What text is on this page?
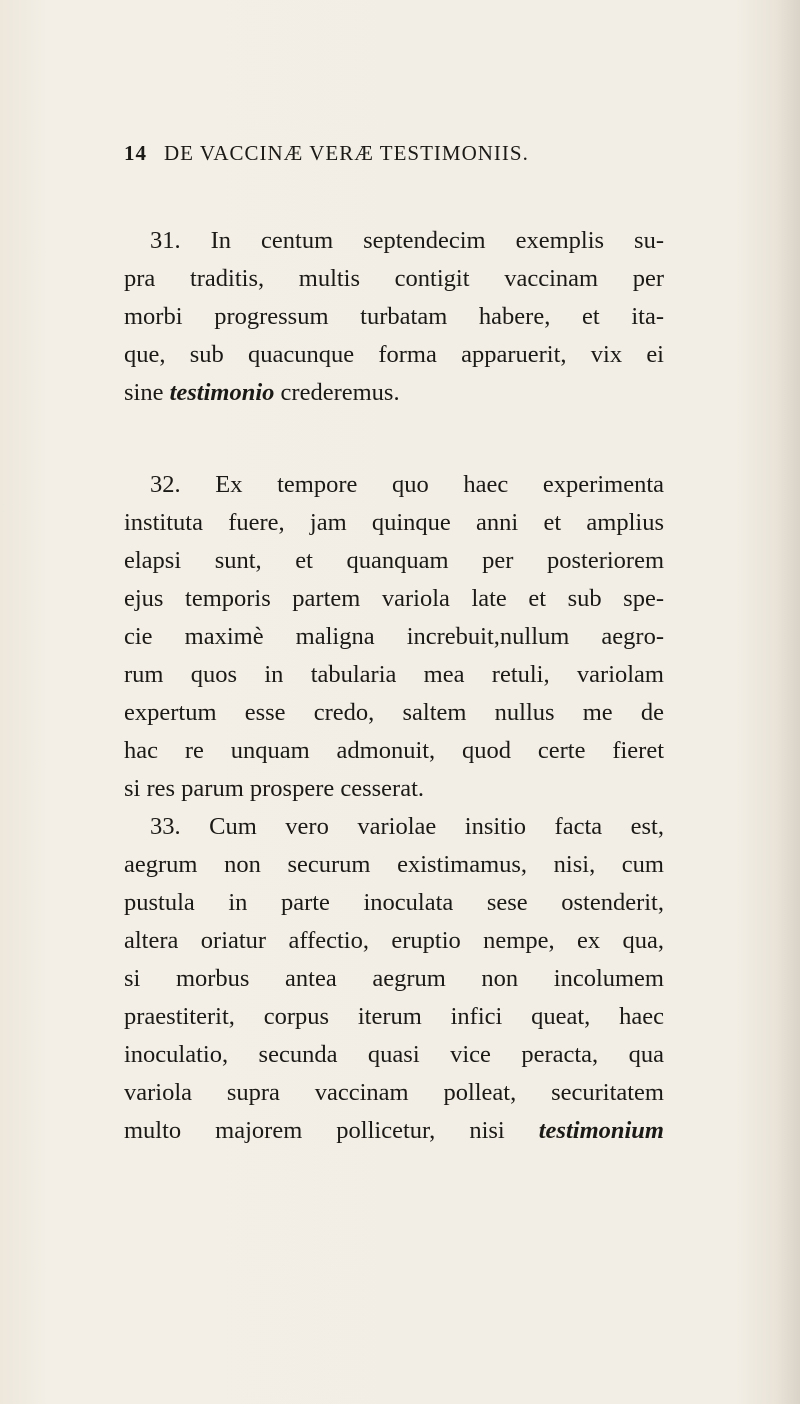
14 DE VACCINÆ VERÆ TESTIMONIIS.
31. In centum septendecim exemplis su-
pra traditis, multis contigit vaccinam per
morbi progressum turbatam habere, et ita-
que, sub quacunque forma apparuerit, vix ei
sine testimonio crederemus.
32. Ex tempore quo haec experimenta
instituta fuere, jam quinque anni et amplius
elapsi sunt, et quanquam per posteriorem
ejus temporis partem variola late et sub spe-
cie maximè maligna increbuit,nullum aegro-
rum quos in tabularia mea retuli, variolam
expertum esse credo, saltem nullus me de
hac re unquam admonuit, quod certe fieret
si res parum prospere cesserat.
33. Cum vero variolae insitio facta est,
aegrum non securum existimamus, nisi, cum
pustula in parte inoculata sese ostenderit,
altera oriatur affectio, eruptio nempe, ex qua,
si morbus antea aegrum non incolumem
praestiterit, corpus iterum infici queat, haec
inoculatio, secunda quasi vice peracta, qua
variola supra vaccinam polleat, securitatem
multo majorem pollicetur, nisi testimonium
